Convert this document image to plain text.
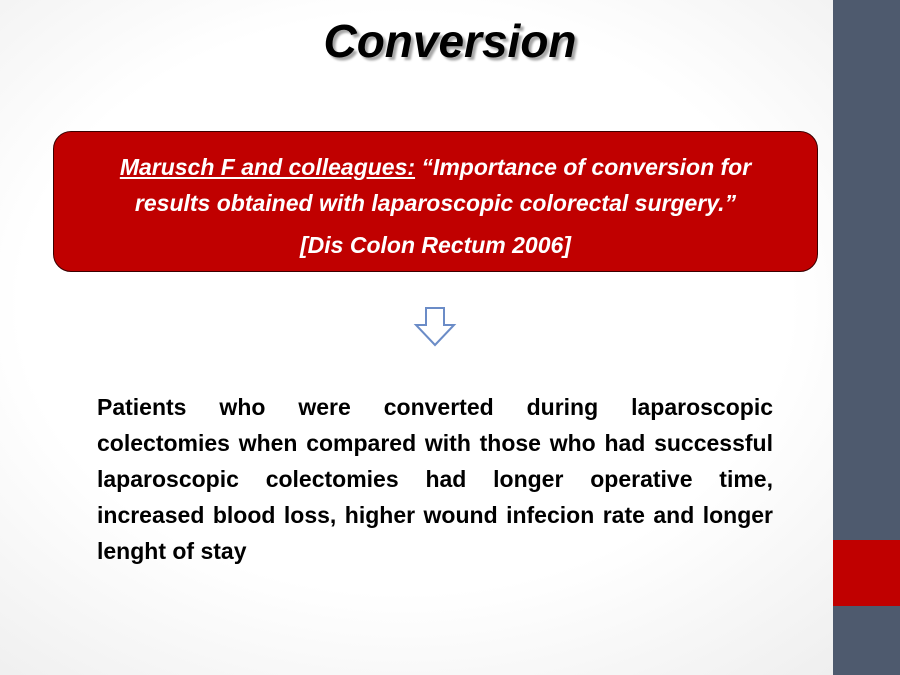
Conversion
Marusch F and colleagues: “Importance of conversion for
results obtained with laparoscopic colorectal surgery.”
[Dis Colon Rectum 2006]
Patients who were converted during laparoscopic colectomies when compared with those who had successful laparoscopic colectomies had longer operative time, increased blood loss, higher wound infecion rate and longer lenght of stay
